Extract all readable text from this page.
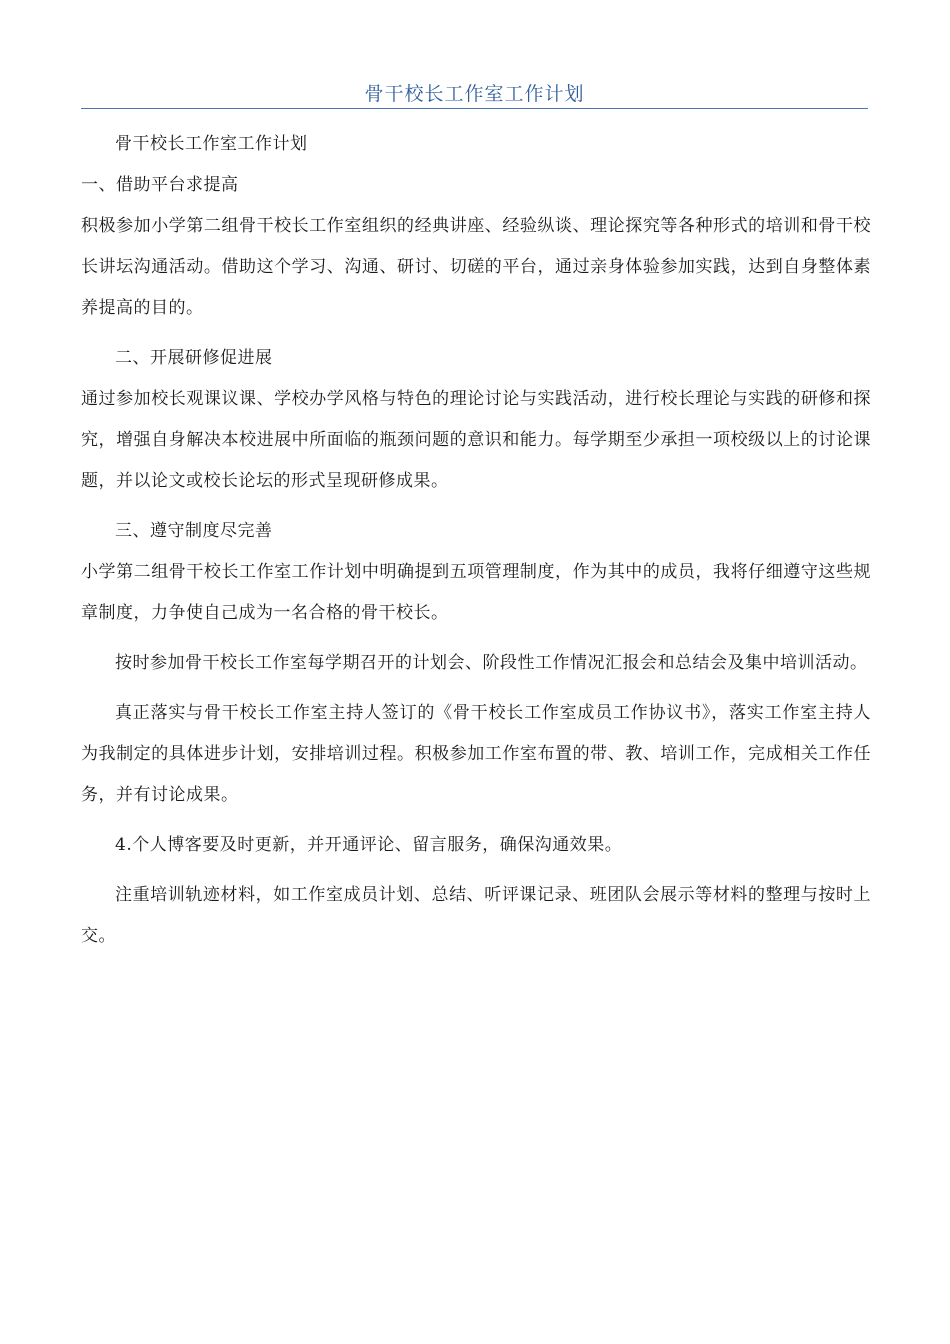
骨干校长工作室工作计划

骨干校长工作室工作计划

一、借助平台求提高

积极参加小学第二组骨干校长工作室组织的经典讲座、经验纵谈、理论探究等各种形式的培训和骨干校长讲坛沟通活动。借助这个学习、沟通、研讨、切磋的平台，通过亲身体验参加实践，达到自身整体素养提高的目的。

二、开展研修促进展

通过参加校长观课议课、学校办学风格与特色的理论讨论与实践活动，进行校长理论与实践的研修和探究，增强自身解决本校进展中所面临的瓶颈问题的意识和能力。每学期至少承担一项校级以上的讨论课题，并以论文或校长论坛的形式呈现研修成果。

三、遵守制度尽完善

小学第二组骨干校长工作室工作计划中明确提到五项管理制度，作为其中的成员，我将仔细遵守这些规章制度，力争使自己成为一名合格的骨干校长。

按时参加骨干校长工作室每学期召开的计划会、阶段性工作情况汇报会和总结会及集中培训活动。

真正落实与骨干校长工作室主持人签订的《骨干校长工作室成员工作协议书》，落实工作室主持人为我制定的具体进步计划，安排培训过程。积极参加工作室布置的带、教、培训工作，完成相关工作任务，并有讨论成果。

4.个人博客要及时更新，并开通评论、留言服务，确保沟通效果。

注重培训轨迹材料，如工作室成员计划、总结、听评课记录、班团队会展示等材料的整理与按时上交。
